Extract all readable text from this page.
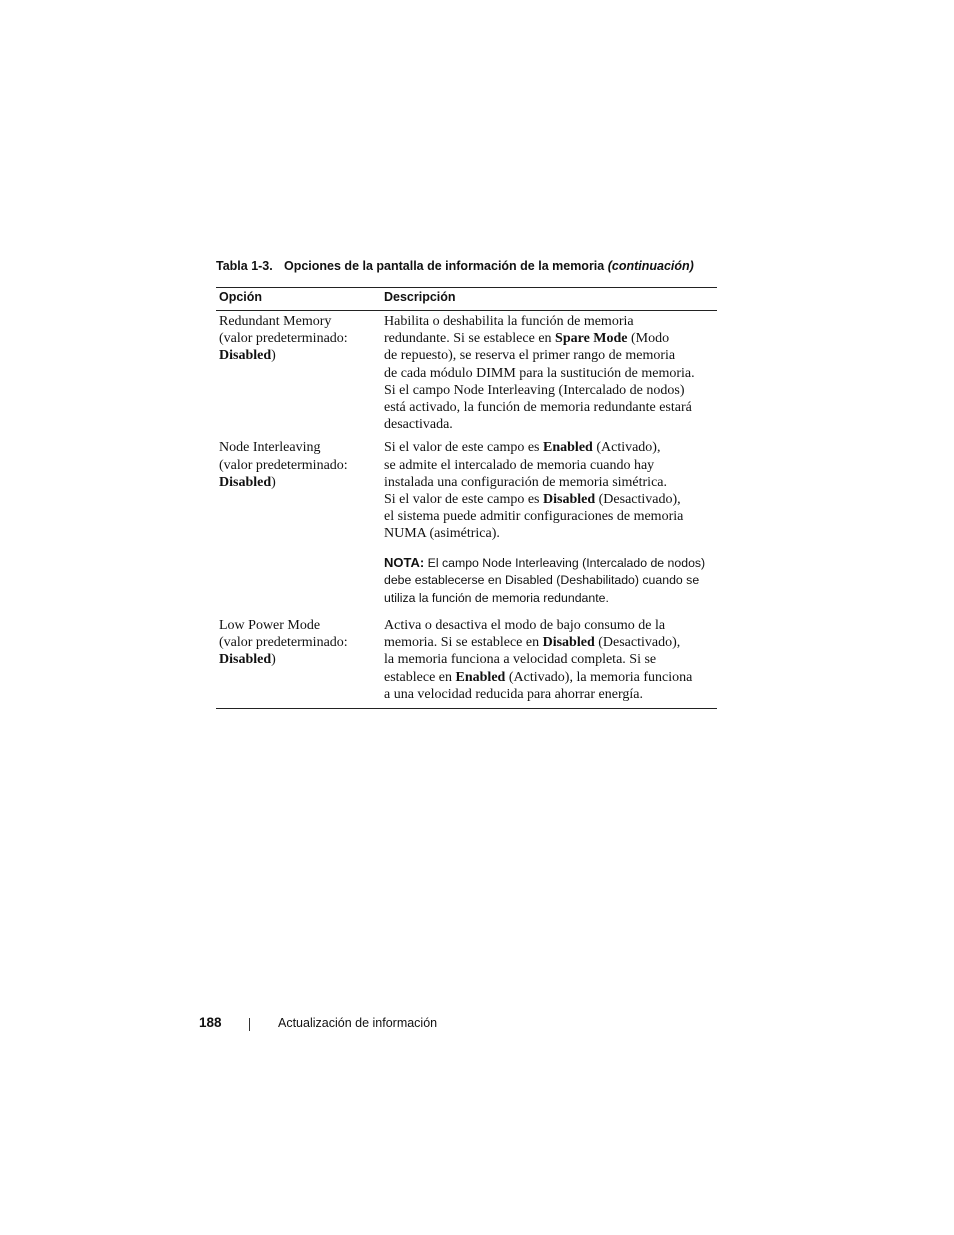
Tabla 1-3. Opciones de la pantalla de información de la memoria (continuación)
Opción	Descripción
Redundant Memory
(valor predeterminado:
Disabled)
Habilita o deshabilita la función de memoria
redundante. Si se establece en Spare Mode (Modo
de repuesto), se reserva el primer rango de memoria
de cada módulo DIMM para la sustitución de memoria.
Si el campo Node Interleaving (Intercalado de nodos)
está activado, la función de memoria redundante estará
desactivada.
Node Interleaving
(valor predeterminado:
Disabled)
Si el valor de este campo es Enabled (Activado),
se admite el intercalado de memoria cuando hay
instalada una configuración de memoria simétrica.
Si el valor de este campo es Disabled (Desactivado),
el sistema puede admitir configuraciones de memoria
NUMA (asimétrica).
NOTA: El campo Node Interleaving (Intercalado de nodos)
debe establecerse en Disabled (Deshabilitado) cuando se
utiliza la función de memoria redundante.
Low Power Mode
(valor predeterminado:
Disabled)
Activa o desactiva el modo de bajo consumo de la
memoria. Si se establece en Disabled (Desactivado),
la memoria funciona a velocidad completa. Si se
establece en Enabled (Activado), la memoria funciona
a una velocidad reducida para ahorrar energía.
188	Actualización de información
